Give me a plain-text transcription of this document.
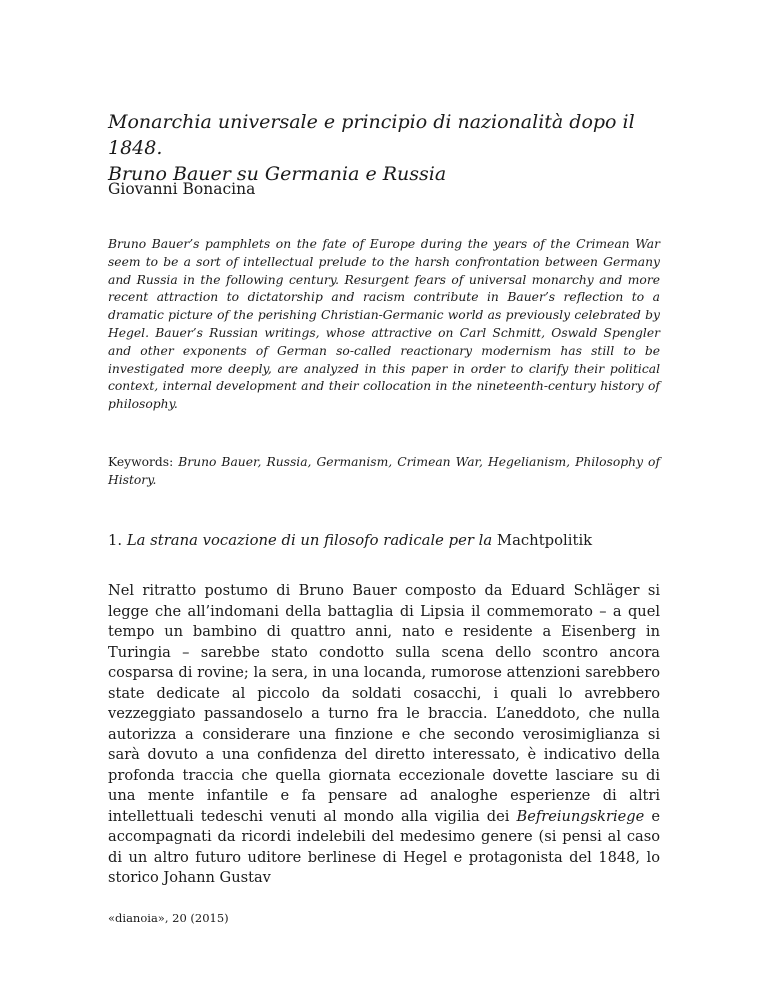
Monarchia universale e principio di nazionalità dopo il 1848.
Bruno Bauer su Germania e Russia

Giovanni Bonacina

Bruno Bauer’s pamphlets on the fate of Europe during the years of the Crimean War seem to be a sort of intellectual prelude to the harsh confrontation between Germany and Russia in the following century. Resurgent fears of universal monarchy and more recent attraction to dictatorship and racism contribute in Bauer’s reflection to a dramatic picture of the perishing Christian-Germanic world as previously celebrated by Hegel. Bauer’s Russian writings, whose attractive on Carl Schmitt, Oswald Spengler and other exponents of German so-called reactionary modernism has still to be investigated more deeply, are analyzed in this paper in order to clarify their political context, internal development and their collocation in the nineteenth-century history of philosophy.

Keywords: Bruno Bauer, Russia, Germanism, Crimean War, Hegelianism, Philosophy of History.

1. La strana vocazione di un filosofo radicale per la Machtpolitik

Nel ritratto postumo di Bruno Bauer composto da Eduard Schläger si legge che all’indomani della battaglia di Lipsia il commemorato – a quel tempo un bambino di quattro anni, nato e residente a Eisenberg in Turingia – sarebbe stato condotto sulla scena dello scontro ancora cosparsa di rovine; la sera, in una locanda, rumorose attenzioni sarebbero state dedicate al piccolo da soldati cosacchi, i quali lo avrebbero vezzeggiato passandoselo a turno fra le braccia. L’aneddoto, che nulla autorizza a considerare una finzione e che secondo verosimiglianza si sarà dovuto a una confidenza del diretto interessato, è indicativo della profonda traccia che quella giornata eccezionale dovette lasciare su di una mente infantile e fa pensare ad analoghe esperienze di altri intellettuali tedeschi venuti al mondo alla vigilia dei Befreiungskriege e accompagnati da ricordi indelebili del medesimo genere (si pensi al caso di un altro futuro uditore berlinese di Hegel e protagonista del 1848, lo storico Johann Gustav

«dianoia», 20 (2015)
